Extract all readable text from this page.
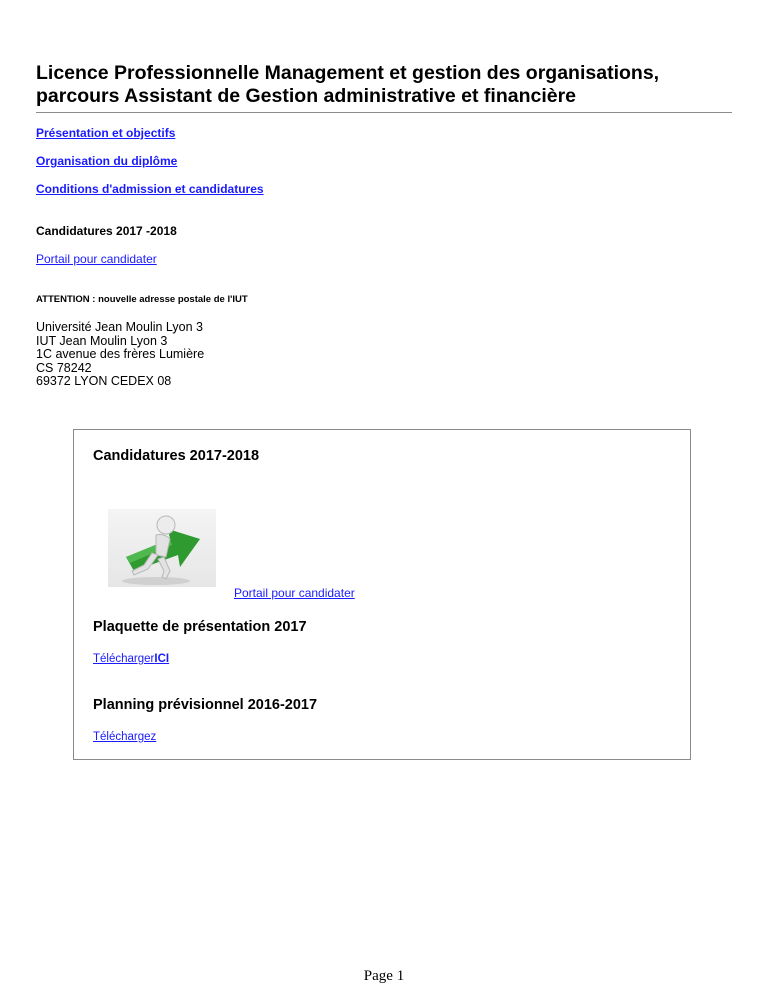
Licence Professionnelle Management et gestion des organisations,
parcours Assistant de Gestion administrative et financière
Présentation et objectifs
Organisation du diplôme
Conditions d'admission et candidatures

Candidatures 2017 -2018

Portail pour candidater
ATTENTION : nouvelle adresse postale de l'IUT
Université Jean Moulin Lyon 3
IUT Jean Moulin Lyon 3
1C avenue des frères Lumière
CS 78242
69372 LYON CEDEX 08
Candidatures 2017-2018
Portail pour candidater
Plaquette de présentation 2017
TéléchargerICI
Planning prévisionnel 2016-2017
Téléchargez
Page 1
